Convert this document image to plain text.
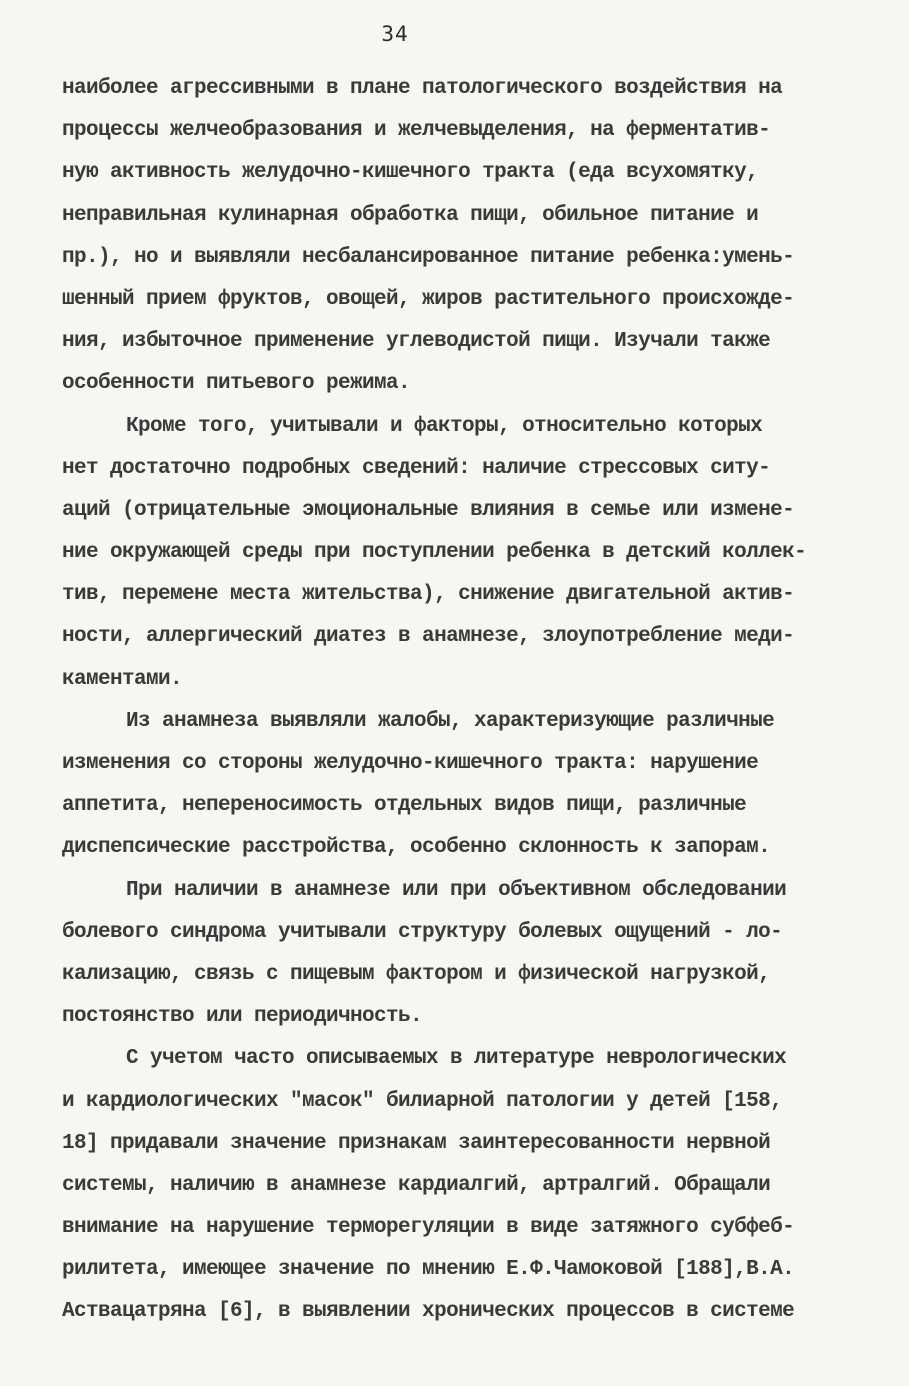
34
наиболее агрессивными в плане патологического воздействия на
процессы желчеобразования и желчевыделения, на ферментатив-
ную активность желудочно-кишечного тракта (еда всухомятку,
неправильная кулинарная обработка пищи, обильное питание и
пр.), но и выявляли несбалансированное питание ребенка:умень-
шенный прием фруктов, овощей, жиров растительного происхожде-
ния, избыточное применение углеводистой пищи. Изучали также
особенности питьевого режима.
Кроме того, учитывали и факторы, относительно которых
нет достаточно подробных сведений: наличие стрессовых ситу-
аций (отрицательные эмоциональные влияния в семье или измене-
ние окружающей среды при поступлении ребенка в детский коллек-
тив, перемене места жительства), снижение двигательной актив-
ности, аллергический диатез в анамнезе, злоупотребление меди-
каментами.
Из анамнеза выявляли жалобы, характеризующие различные
изменения со стороны желудочно-кишечного тракта: нарушение
аппетита, непереносимость отдельных видов пищи, различные
диспепсические расстройства, особенно склонность к запорам.
При наличии в анамнезе или при объективном обследовании
болевого синдрома учитывали структуру болевых ощущений - ло-
кализацию, связь с пищевым фактором и физической нагрузкой,
постоянство или периодичность.
С учетом часто описываемых в литературе неврологических
и кардиологических "масок" билиарной патологии у детей [158,
18] придавали значение признакам заинтересованности нервной
системы, наличию в анамнезе кардиалгий, артралгий. Обращали
внимание на нарушение терморегуляции в виде затяжного субфеб-
рилитета, имеющее значение по мнению Е.Ф.Чамоковой [188],В.А.
Аствацатряна [6], в выявлении хронических процессов в системе
